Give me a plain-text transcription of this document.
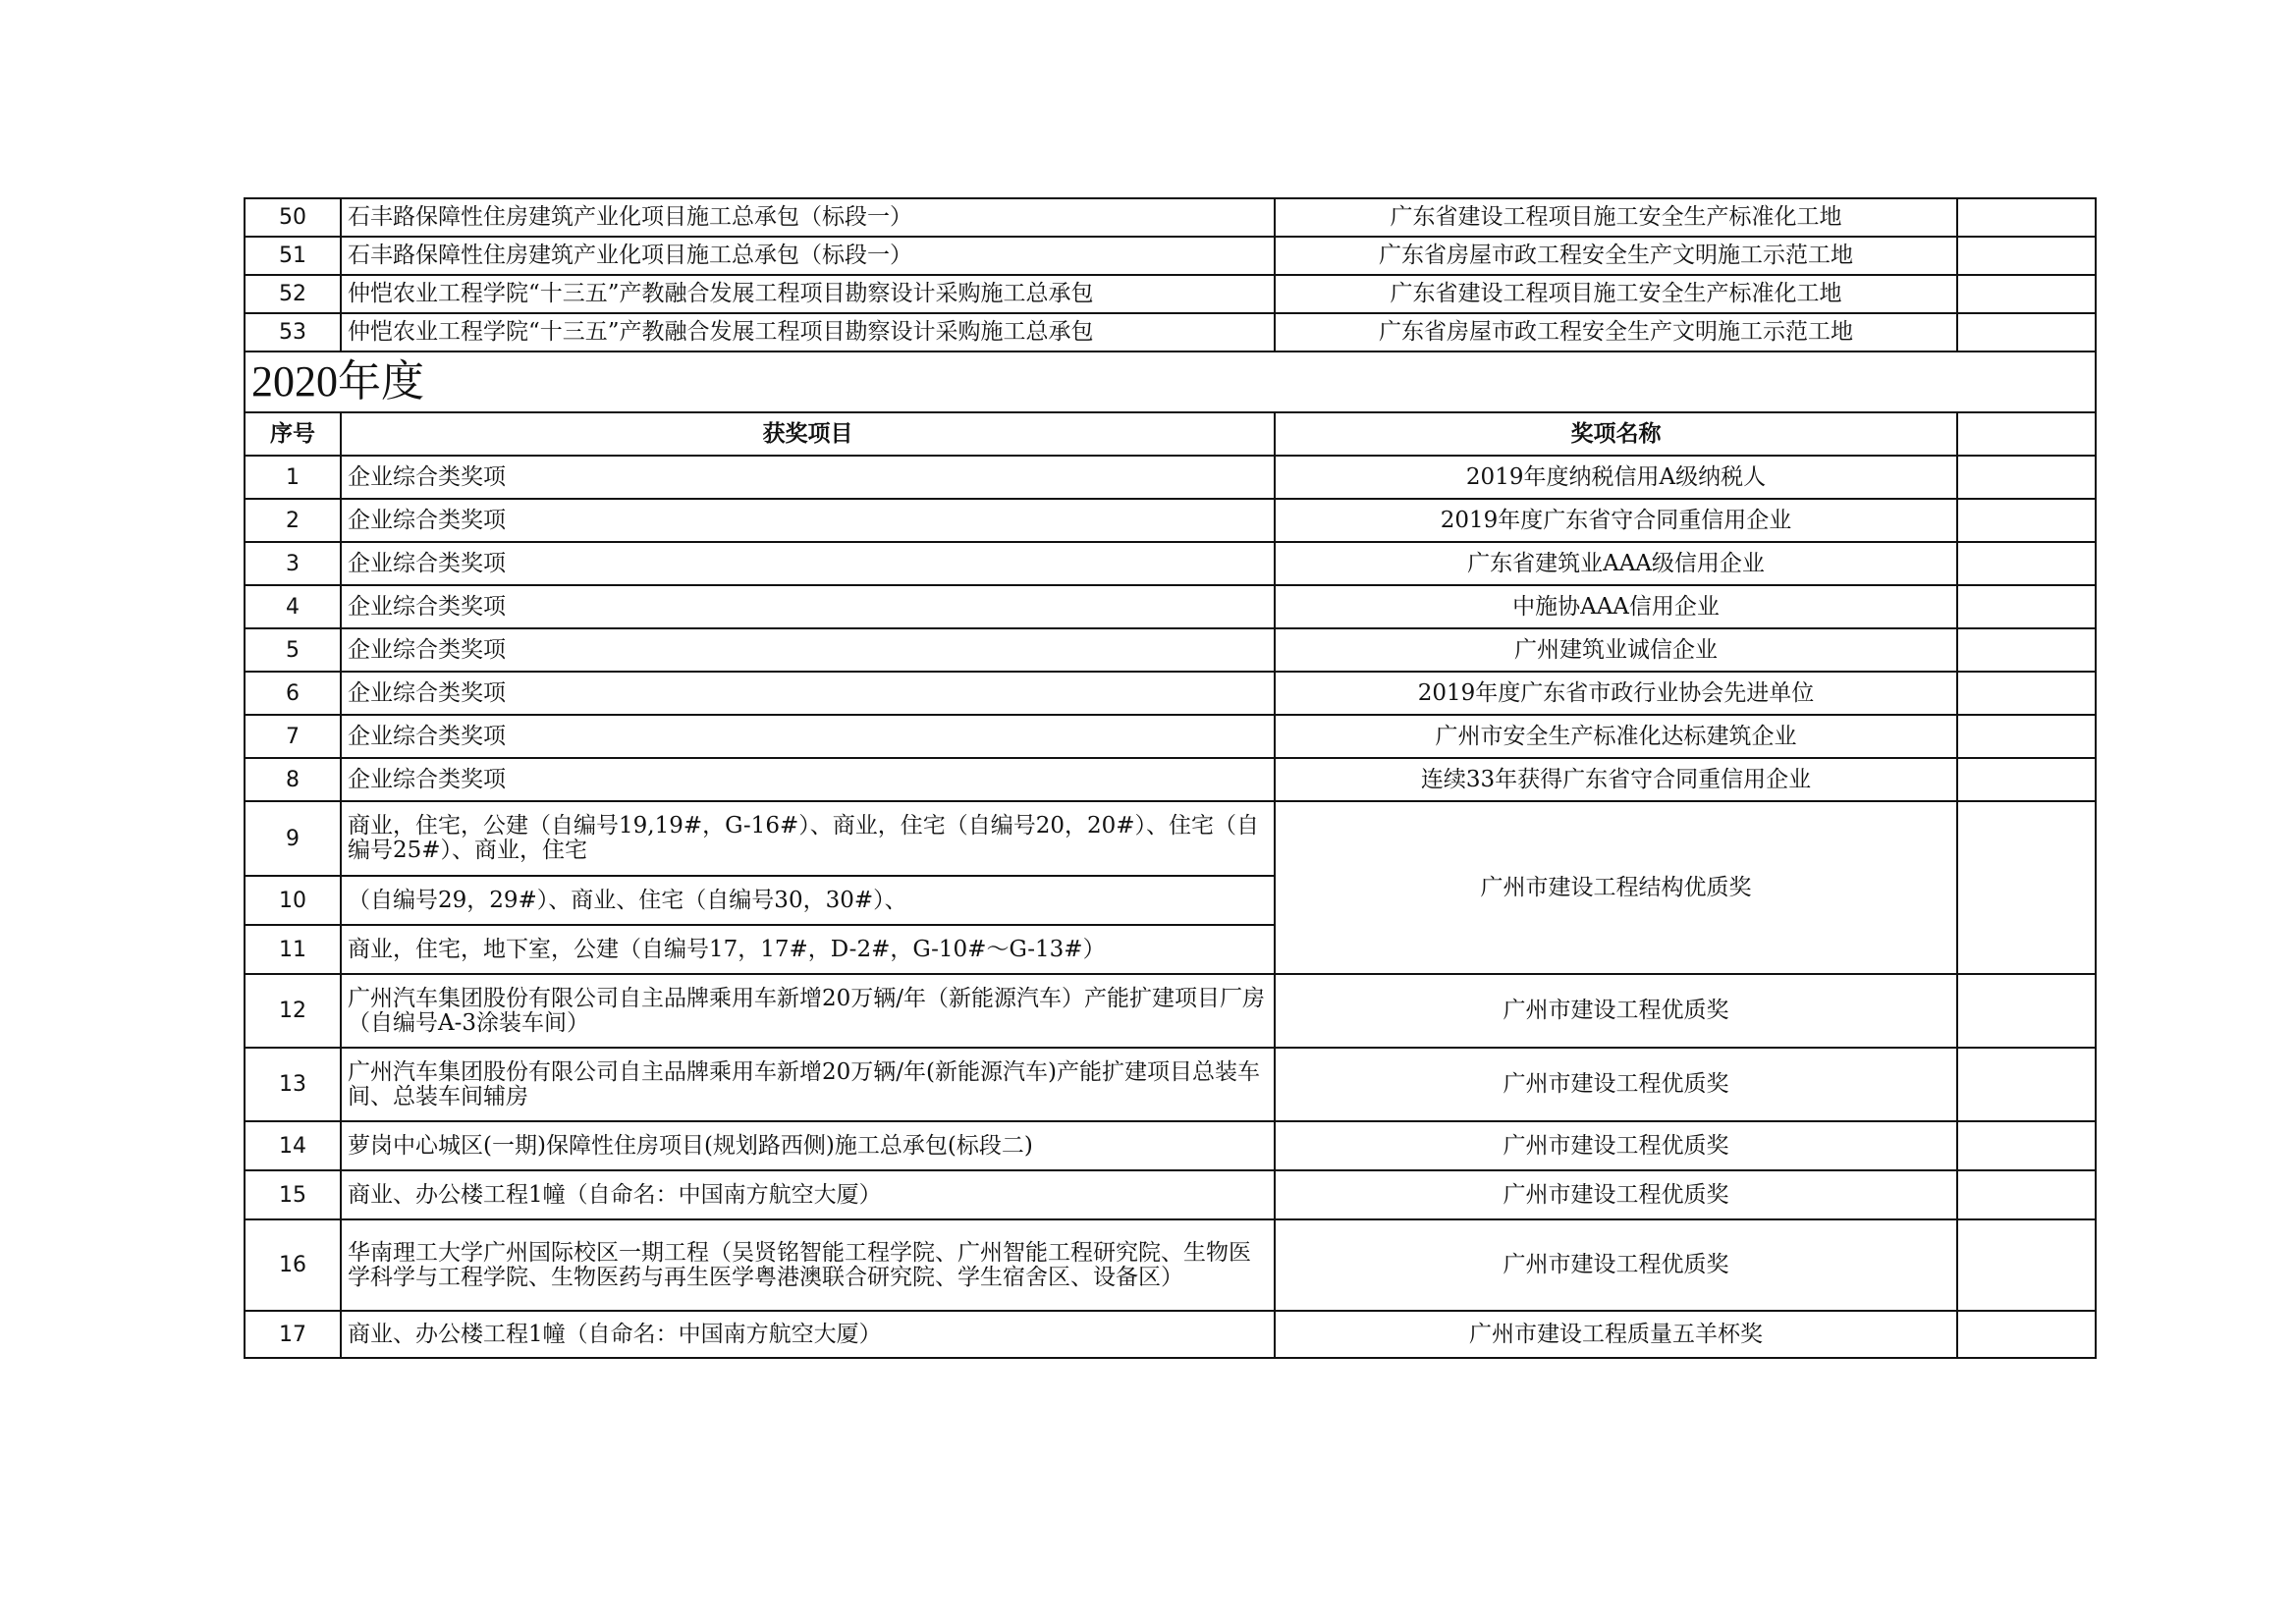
50	石丰路保障性住房建筑产业化项目施工总承包（标段一）	广东省建设工程项目施工安全生产标准化工地	
51	石丰路保障性住房建筑产业化项目施工总承包（标段一）	广东省房屋市政工程安全生产文明施工示范工地	
52	仲恺农业工程学院“十三五”产教融合发展工程项目勘察设计采购施工总承包	广东省建设工程项目施工安全生产标准化工地	
53	仲恺农业工程学院“十三五”产教融合发展工程项目勘察设计采购施工总承包	广东省房屋市政工程安全生产文明施工示范工地	
2020年度			
序号	获奖项目	奖项名称	
1	企业综合类奖项	2019年度纳税信用A级纳税人	
2	企业综合类奖项	2019年度广东省守合同重信用企业	
3	企业综合类奖项	广东省建筑业AAA级信用企业	
4	企业综合类奖项	中施协AAA信用企业	
5	企业综合类奖项	广州建筑业诚信企业	
6	企业综合类奖项	2019年度广东省市政行业协会先进单位	
7	企业综合类奖项	广州市安全生产标准化达标建筑企业	
8	企业综合类奖项	连续33年获得广东省守合同重信用企业	
9	商业，住宅，公建（自编号19,19#，G-16#）、商业，住宅（自编号20，20#）、住宅（自编号25#）、商业，住宅	广州市建设工程结构优质奖	
10	（自编号29，29#）、商业、住宅（自编号30，30#）、		
11	商业，住宅，地下室，公建（自编号17，17#，D-2#，G-10#～G-13#）		
12	广州汽车集团股份有限公司自主品牌乘用车新增20万辆/年（新能源汽车）产能扩建项目厂房（自编号A-3涂装车间）	广州市建设工程优质奖	
13	广州汽车集团股份有限公司自主品牌乘用车新增20万辆/年(新能源汽车)产能扩建项目总装车间、总装车间辅房	广州市建设工程优质奖	
14	萝岗中心城区(一期)保障性住房项目(规划路西侧)施工总承包(标段二)	广州市建设工程优质奖	
15	商业、办公楼工程1幢（自命名：中国南方航空大厦）	广州市建设工程优质奖	
16	华南理工大学广州国际校区一期工程（吴贤铭智能工程学院、广州智能工程研究院、生物医学科学与工程学院、生物医药与再生医学粤港澳联合研究院、学生宿舍区、设备区）	广州市建设工程优质奖	
17	商业、办公楼工程1幢（自命名：中国南方航空大厦）	广州市建设工程质量五羊杯奖	
